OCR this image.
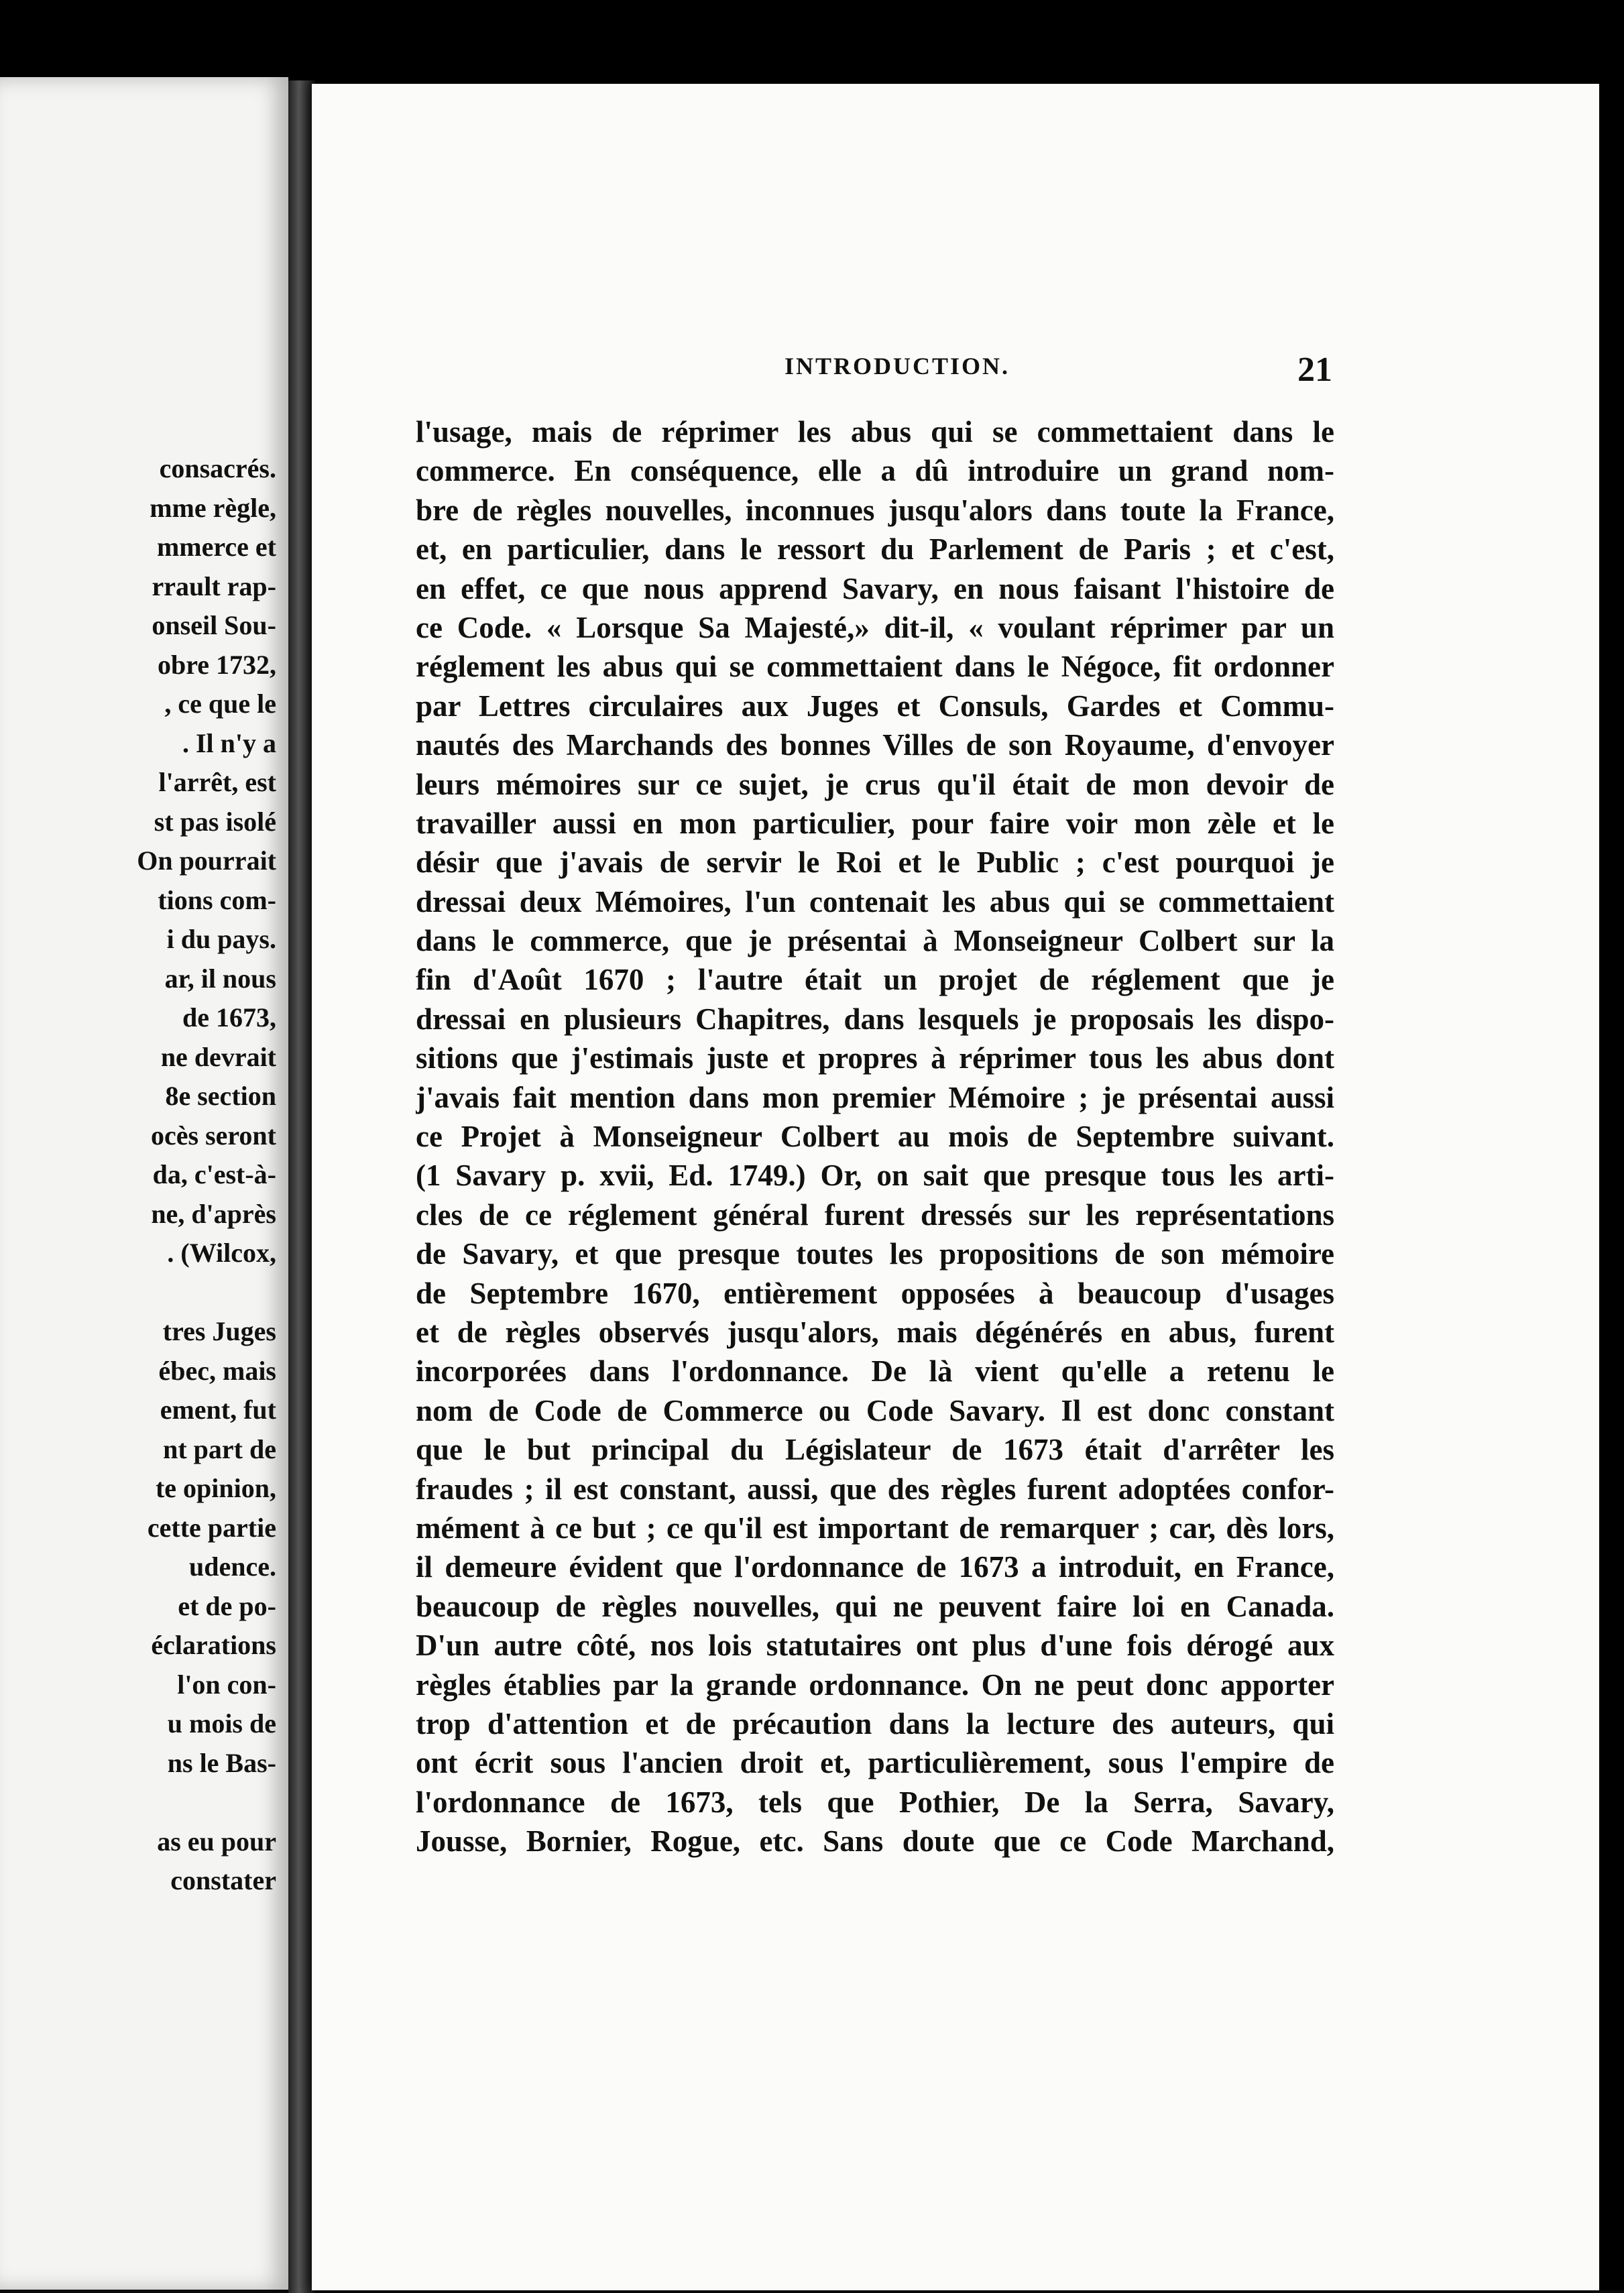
consacrés.
mme règle,
mmerce et
rrault rap-
onseil Sou-
obre 1732,
, ce que le
. Il n'y a
l'arrêt, est
st pas isolé
On pourrait
tions com-
i du pays.
ar, il nous
de 1673,
ne devrait
8e section
ocès seront
da, c'est-à-
ne, d'après
. (Wilcox,
tres Juges
ébec, mais
ement, fut
nt part de
te opinion,
cette partie
udence.
et de po-
éclarations
l'on con-
u mois de
ns le Bas-
as eu pour
constater
INTRODUCTION.	21
l'usage, mais de réprimer les abus qui se commettaient dans le
commerce. En conséquence, elle a dû introduire un grand nom-
bre de règles nouvelles, inconnues jusqu'alors dans toute la France,
et, en particulier, dans le ressort du Parlement de Paris ; et c'est,
en effet, ce que nous apprend Savary, en nous faisant l'histoire de
ce Code. « Lorsque Sa Majesté,» dit-il, « voulant réprimer par un
réglement les abus qui se commettaient dans le Négoce, fit ordonner
par Lettres circulaires aux Juges et Consuls, Gardes et Commu-
nautés des Marchands des bonnes Villes de son Royaume, d'envoyer
leurs mémoires sur ce sujet, je crus qu'il était de mon devoir de
travailler aussi en mon particulier, pour faire voir mon zèle et le
désir que j'avais de servir le Roi et le Public ; c'est pourquoi je
dressai deux Mémoires, l'un contenait les abus qui se commettaient
dans le commerce, que je présentai à Monseigneur Colbert sur la
fin d'Août 1670 ; l'autre était un projet de réglement que je
dressai en plusieurs Chapitres, dans lesquels je proposais les dispo-
sitions que j'estimais juste et propres à réprimer tous les abus dont
j'avais fait mention dans mon premier Mémoire ; je présentai aussi
ce Projet à Monseigneur Colbert au mois de Septembre suivant.
(1 Savary p. xvii, Ed. 1749.) Or, on sait que presque tous les arti-
cles de ce réglement général furent dressés sur les représentations
de Savary, et que presque toutes les propositions de son mémoire
de Septembre 1670, entièrement opposées à beaucoup d'usages
et de règles observés jusqu'alors, mais dégénérés en abus, furent
incorporées dans l'ordonnance. De là vient qu'elle a retenu le
nom de Code de Commerce ou Code Savary. Il est donc constant
que le but principal du Législateur de 1673 était d'arrêter les
fraudes ; il est constant, aussi, que des règles furent adoptées confor-
mément à ce but ; ce qu'il est important de remarquer ; car, dès lors,
il demeure évident que l'ordonnance de 1673 a introduit, en France,
beaucoup de règles nouvelles, qui ne peuvent faire loi en Canada.
D'un autre côté, nos lois statutaires ont plus d'une fois dérogé aux
règles établies par la grande ordonnance. On ne peut donc apporter
trop d'attention et de précaution dans la lecture des auteurs, qui
ont écrit sous l'ancien droit et, particulièrement, sous l'empire de
l'ordonnance de 1673, tels que Pothier, De la Serra, Savary,
Jousse, Bornier, Rogue, etc. Sans doute que ce Code Marchand,
